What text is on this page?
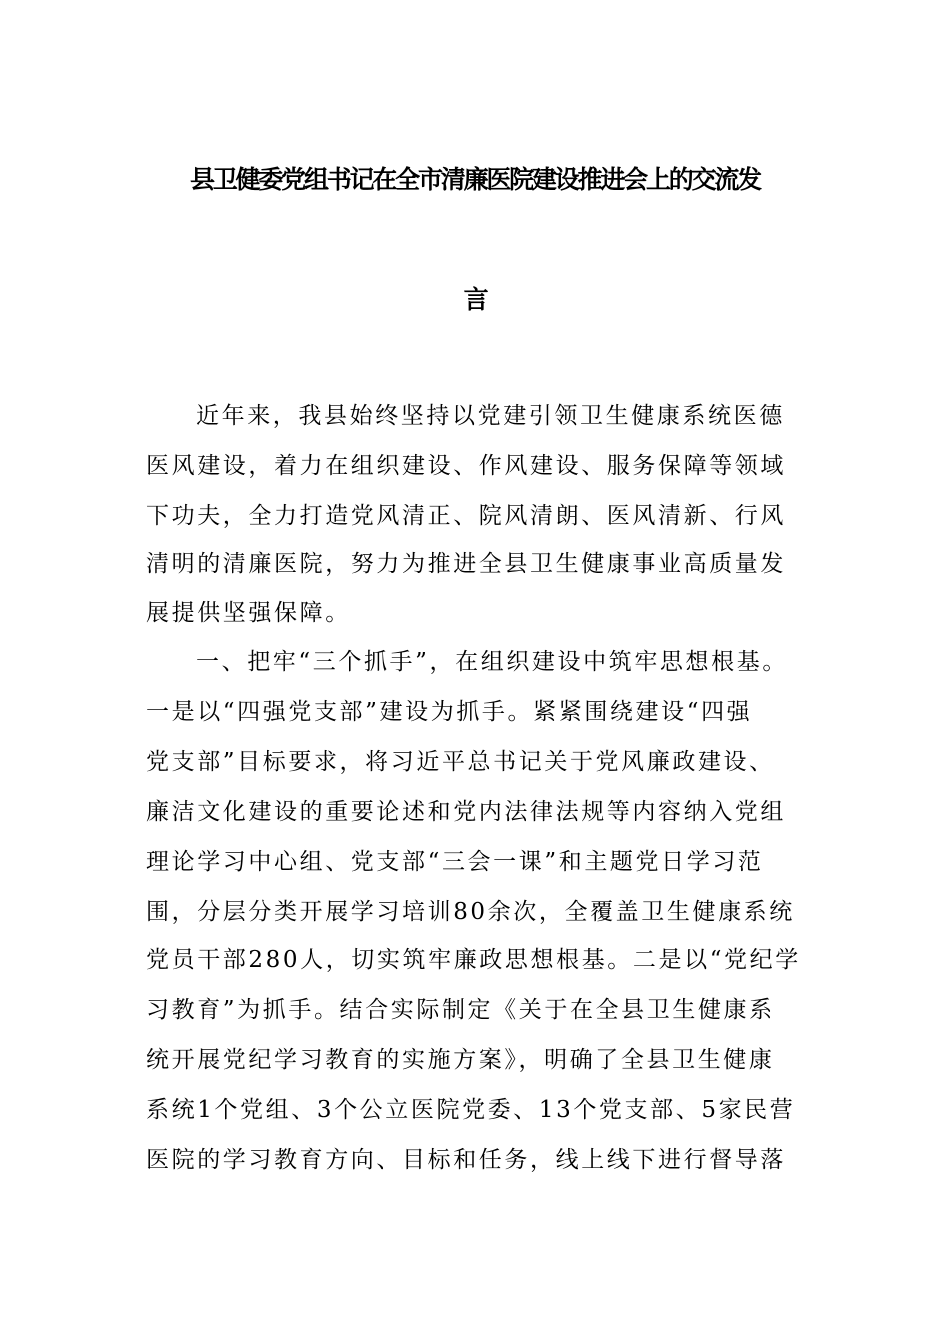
县卫健委党组书记在全市清廉医院建设推进会上的交流发
言
近年来，我县始终坚持以党建引领卫生健康系统医德
医风建设，着力在组织建设、作风建设、服务保障等领域
下功夫，全力打造党风清正、院风清朗、医风清新、行风
清明的清廉医院，努力为推进全县卫生健康事业高质量发
展提供坚强保障。
一、把牢“三个抓手”，在组织建设中筑牢思想根基。
一是以“四强党支部”建设为抓手。紧紧围绕建设“四强
党支部”目标要求，将习近平总书记关于党风廉政建设、
廉洁文化建设的重要论述和党内法律法规等内容纳入党组
理论学习中心组、党支部“三会一课”和主题党日学习范
围，分层分类开展学习培训80余次，全覆盖卫生健康系统
党员干部280人，切实筑牢廉政思想根基。二是以“党纪学
习教育”为抓手。结合实际制定《关于在全县卫生健康系
统开展党纪学习教育的实施方案》，明确了全县卫生健康
系统1个党组、3个公立医院党委、13个党支部、5家民营
医院的学习教育方向、目标和任务，线上线下进行督导落
